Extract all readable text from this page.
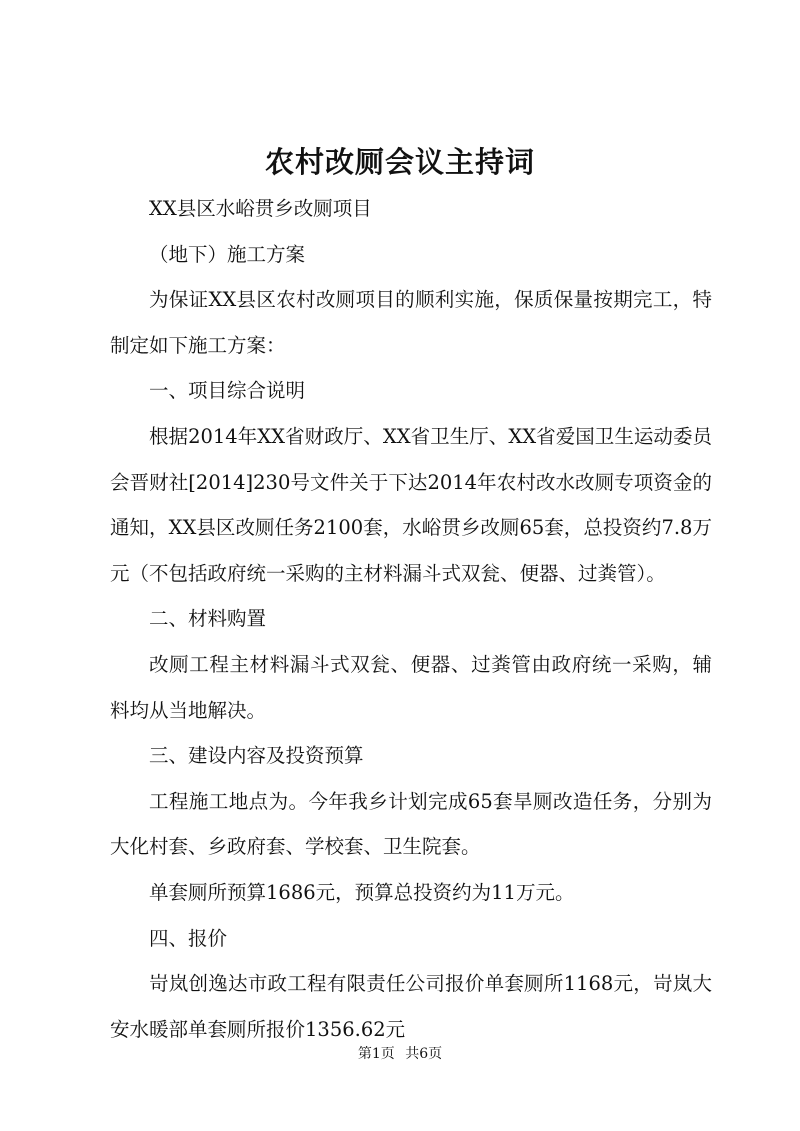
农村改厕会议主持词

XX县区水峪贯乡改厕项目

（地下）施工方案

为保证XX县区农村改厕项目的顺利实施，保质保量按期完工，特制定如下施工方案：

一、项目综合说明

根据2014年XX省财政厅、XX省卫生厅、XX省爱国卫生运动委员会晋财社[2014]230号文件关于下达2014年农村改水改厕专项资金的通知，XX县区改厕任务2100套，水峪贯乡改厕65套，总投资约7.8万元（不包括政府统一采购的主材料漏斗式双瓮、便器、过粪管）。

二、材料购置

改厕工程主材料漏斗式双瓮、便器、过粪管由政府统一采购，辅料均从当地解决。

三、建设内容及投资预算

工程施工地点为。今年我乡计划完成65套旱厕改造任务，分别为大化村套、乡政府套、学校套、卫生院套。

单套厕所预算1686元，预算总投资约为11万元。

四、报价

岢岚创逸达市政工程有限责任公司报价单套厕所1168元，岢岚大安水暖部单套厕所报价1356.62元

第1页 共6页
